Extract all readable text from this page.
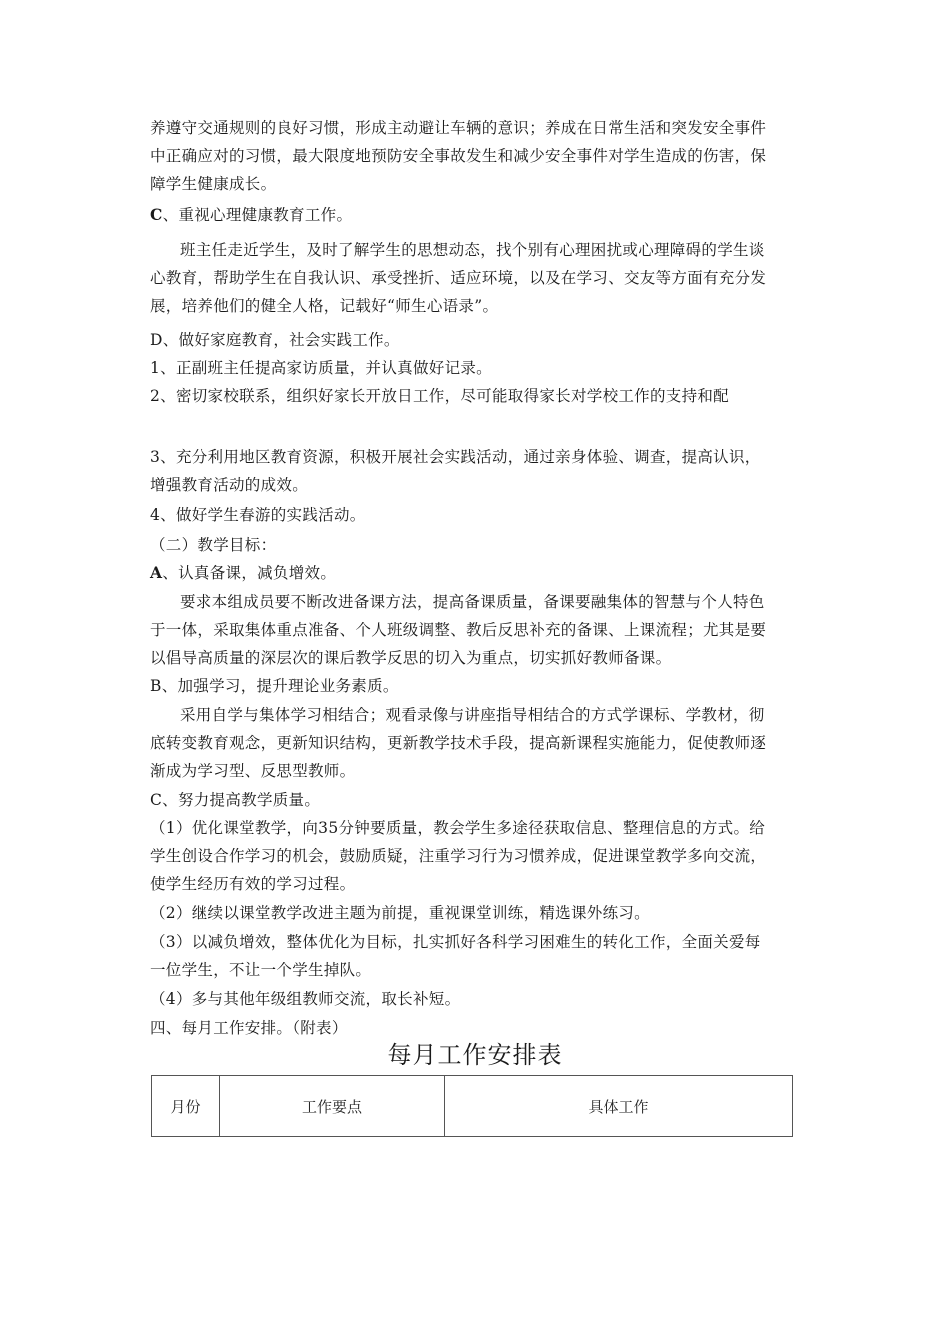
养遵守交通规则的良好习惯，形成主动避让车辆的意识；养成在日常生活和突发安全事件
中正确应对的习惯，最大限度地预防安全事故发生和减少安全事件对学生造成的伤害，保
障学生健康成长。
C、重视心理健康教育工作。
班主任走近学生，及时了解学生的思想动态，找个别有心理困扰或心理障碍的学生谈
心教育，帮助学生在自我认识、承受挫折、适应环境，以及在学习、交友等方面有充分发
展，培养他们的健全人格，记载好“师生心语录”。
D、做好家庭教育，社会实践工作。
1、正副班主任提高家访质量，并认真做好记录。
2、密切家校联系，组织好家长开放日工作，尽可能取得家长对学校工作的支持和配
3、充分利用地区教育资源，积极开展社会实践活动，通过亲身体验、调查，提高认识，
增强教育活动的成效。
4、做好学生春游的实践活动。
（二）教学目标：
A、认真备课，减负增效。
要求本组成员要不断改进备课方法，提高备课质量，备课要融集体的智慧与个人特色
于一体，采取集体重点准备、个人班级调整、教后反思补充的备课、上课流程；尤其是要
以倡导高质量的深层次的课后教学反思的切入为重点，切实抓好教师备课。
B、加强学习，提升理论业务素质。
采用自学与集体学习相结合；观看录像与讲座指导相结合的方式学课标、学教材，彻
底转变教育观念，更新知识结构，更新教学技术手段，提高新课程实施能力，促使教师逐
渐成为学习型、反思型教师。
C、努力提高教学质量。
（1）优化课堂教学，向35分钟要质量，教会学生多途径获取信息、整理信息的方式。给
学生创设合作学习的机会，鼓励质疑，注重学习行为习惯养成，促进课堂教学多向交流，
使学生经历有效的学习过程。
（2）继续以课堂教学改进主题为前提，重视课堂训练，精选课外练习。
（3）以减负增效，整体优化为目标，扎实抓好各科学习困难生的转化工作，全面关爱每
一位学生，不让一个学生掉队。
（4）多与其他年级组教师交流，取长补短。
四、每月工作安排。（附表）
每月工作安排表
月份	工作要点	具体工作
